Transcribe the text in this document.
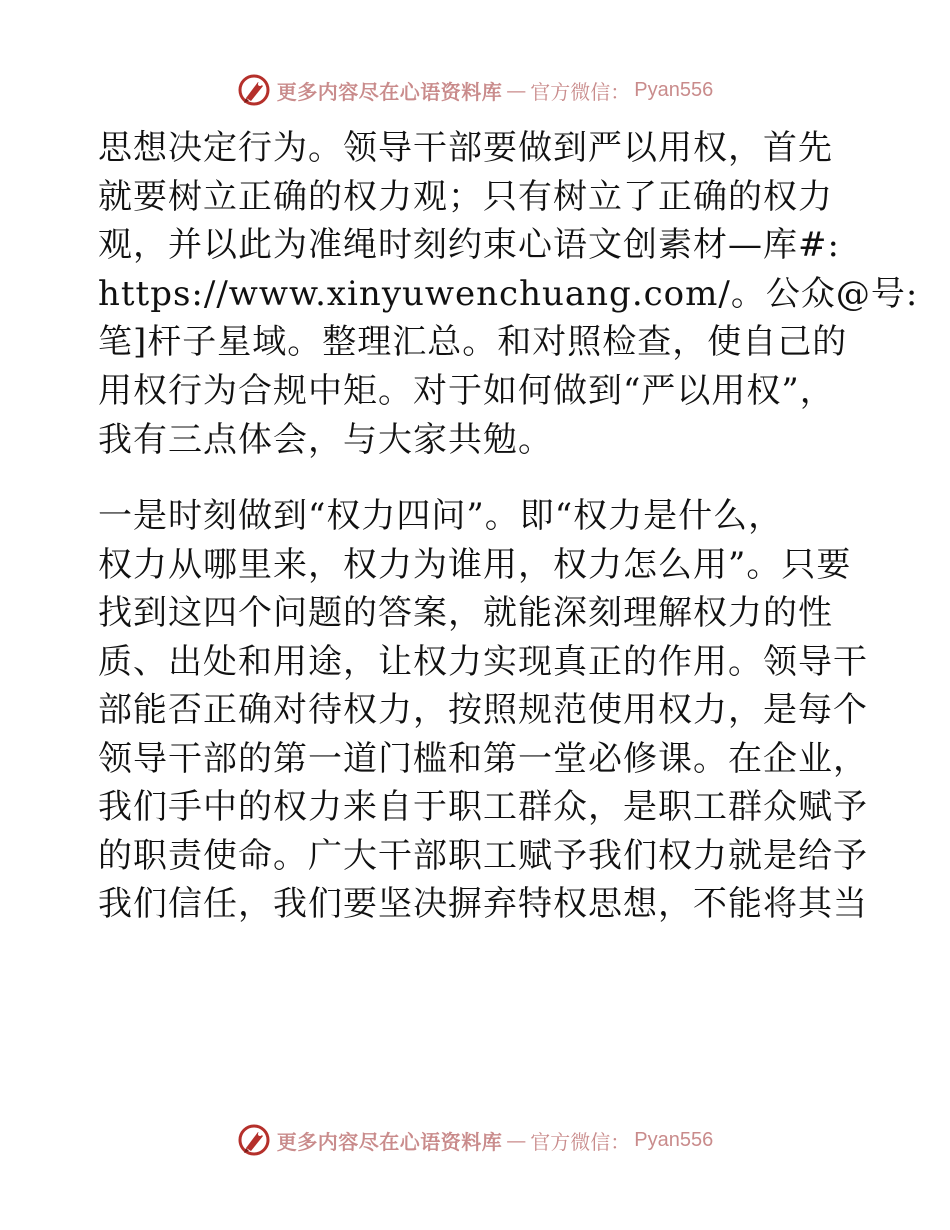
更多内容尽在心语资料库 — 官方微信： Pyan556

思想决定行为。领导干部要做到严以用权，首先
就要树立正确的权力观；只有树立了正确的权力
观，并以此为准绳时刻约束心语文创素材—库#:
https://www.xinyuwenchuang.com/。公众@号:
笔]杆子星域。整理汇总。和对照检查，使自己的
用权行为合规中矩。对于如何做到“严以用权”，
我有三点体会，与大家共勉。

一是时刻做到“权力四问”。即“权力是什么，
权力从哪里来，权力为谁用，权力怎么用”。只要
找到这四个问题的答案，就能深刻理解权力的性
质、出处和用途，让权力实现真正的作用。领导干
部能否正确对待权力，按照规范使用权力，是每个
领导干部的第一道门槛和第一堂必修课。在企业，
我们手中的权力来自于职工群众，是职工群众赋予
的职责使命。广大干部职工赋予我们权力就是给予
我们信任，我们要坚决摒弃特权思想，不能将其当

更多内容尽在心语资料库 — 官方微信： Pyan556
